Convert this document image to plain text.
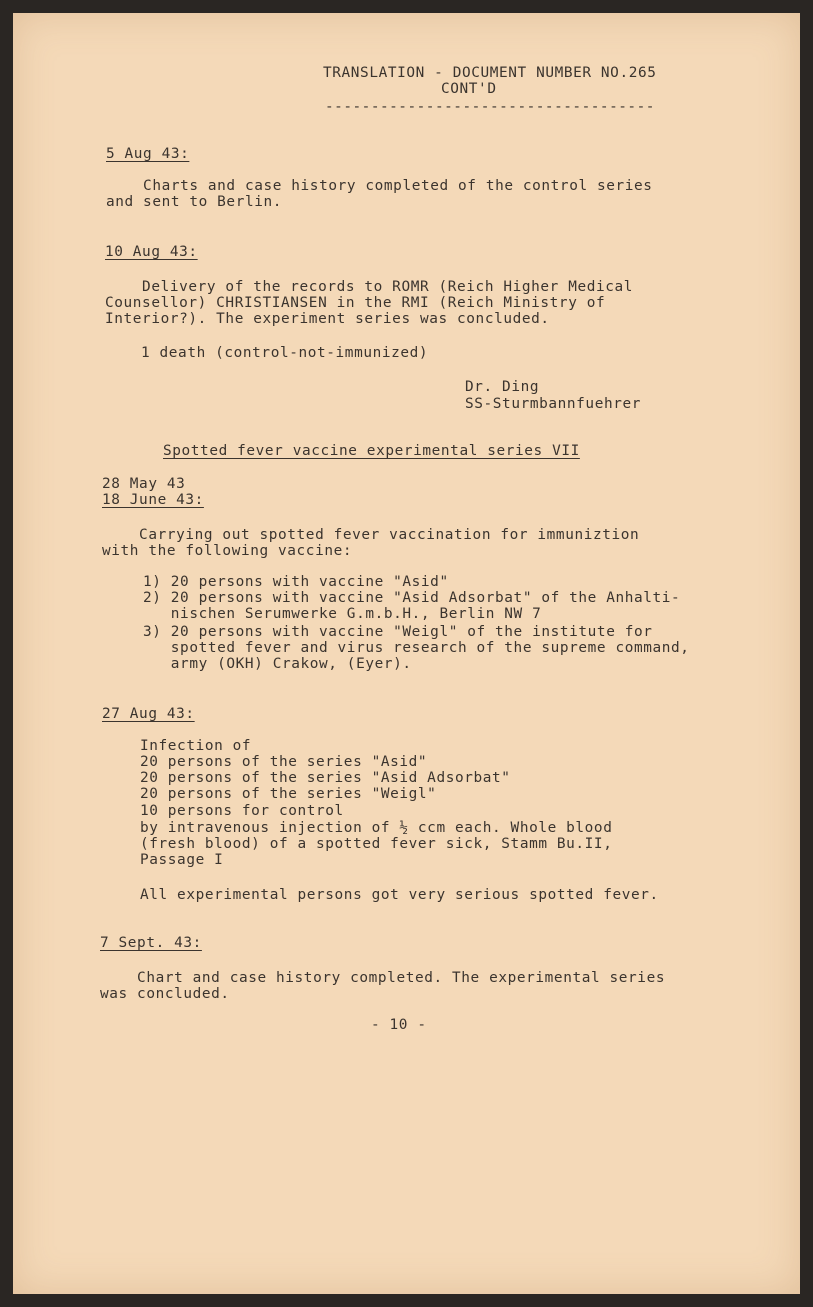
TRANSLATION - DOCUMENT NUMBER NO.265
CONT'D
------------------------------------
5 Aug 43:

Charts and case history completed of the control series

and sent to Berlin.

10 Aug 43:

Delivery of the records to ROMR (Reich Higher Medical

Counsellor) CHRISTIANSEN in the RMI (Reich Ministry of

Interior?). The experiment series was concluded.

1 death (control-not-immunized)
Dr. Ding
SS-Sturmbannfuehrer
Spotted fever vaccine experimental series VII
28 May 43
18 June 43:

Carrying out spotted fever vaccination for immuniztion

with the following vaccine:

1) 20 persons with vaccine "Asid"

2) 20 persons with vaccine "Asid Adsorbat" of the Anhalti-

nischen Serumwerke G.m.b.H., Berlin NW 7

3) 20 persons with vaccine "Weigl" of the institute for

spotted fever and virus research of the supreme command,

army (OKH) Crakow, (Eyer).

27 Aug 43:

Infection of

20 persons of the series "Asid"

20 persons of the series "Asid Adsorbat"

20 persons of the series "Weigl"

10 persons for control

by intravenous injection of ½ ccm each. Whole blood

(fresh blood) of a spotted fever sick, Stamm Bu.II,

Passage I

All experimental persons got very serious spotted fever.
7 Sept. 43:

Chart and case history completed. The experimental series

was concluded.

- 10 -
